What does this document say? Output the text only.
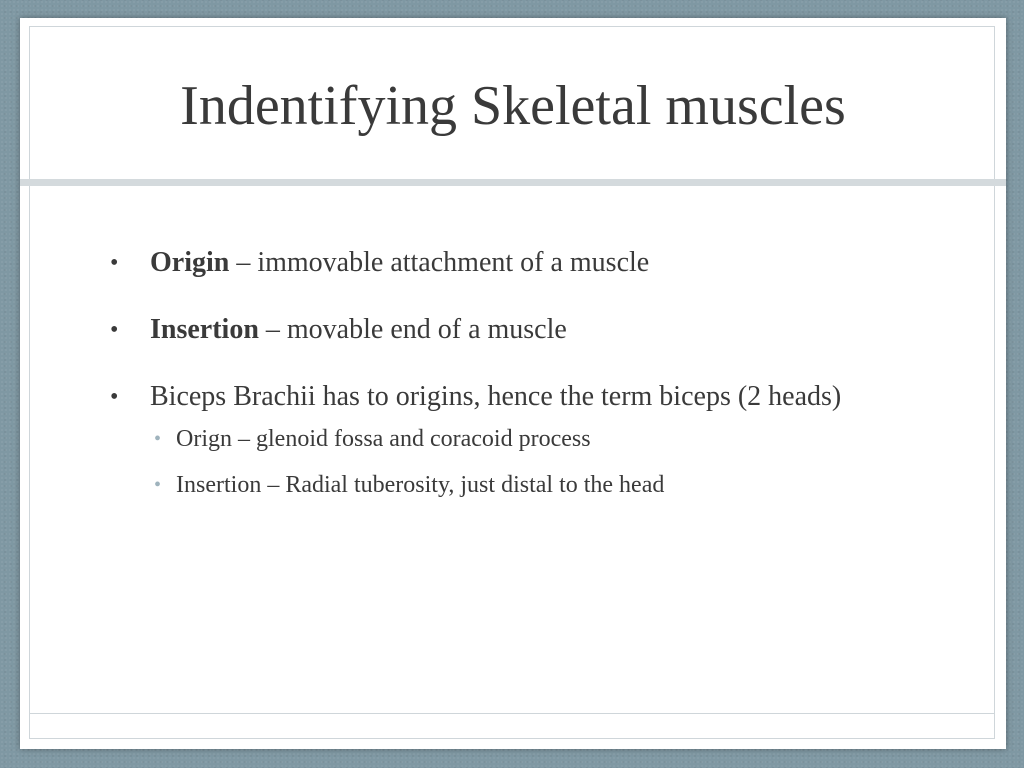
Indentifying Skeletal muscles
• Origin – immovable attachment of a muscle
• Insertion – movable end of a muscle
• Biceps Brachii has to origins, hence the term biceps (2 heads)
• Orign – glenoid fossa and coracoid process
• Insertion – Radial tuberosity, just distal to the head
